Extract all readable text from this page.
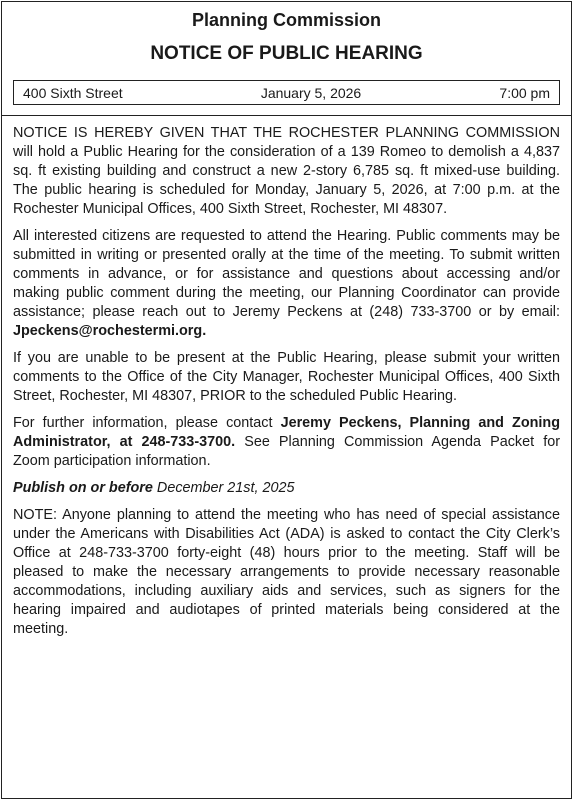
Planning Commission
NOTICE OF PUBLIC HEARING
400 Sixth Street	January 5, 2026	7:00 pm

NOTICE IS HEREBY GIVEN THAT THE ROCHESTER PLANNING COMMISSION will hold a Public Hearing for the consideration of a 139 Romeo to demolish a 4,837 sq. ft existing building and construct a new 2-story 6,785 sq. ft mixed-use building. The public hearing is scheduled for Monday, January 5, 2026, at 7:00 p.m. at the Rochester Municipal Offices, 400 Sixth Street, Rochester, MI 48307.

All interested citizens are requested to attend the Hearing. Public comments may be submitted in writing or presented orally at the time of the meeting. To submit written comments in advance, or for assistance and questions about accessing and/or making public comment during the meeting, our Planning Coordinator can provide assistance; please reach out to Jeremy Peckens at (248) 733-3700 or by email: Jpeckens@rochestermi.org.

If you are unable to be present at the Public Hearing, please submit your written comments to the Office of the City Manager, Rochester Municipal Offices, 400 Sixth Street, Rochester, MI 48307, PRIOR to the scheduled Public Hearing.

For further information, please contact Jeremy Peckens, Planning and Zoning Administrator, at 248-733-3700. See Planning Commission Agenda Packet for Zoom participation information.

Publish on or before December 21st, 2025

NOTE: Anyone planning to attend the meeting who has need of special assistance under the Americans with Disabilities Act (ADA) is asked to contact the City Clerk’s Office at 248-733-3700 forty-eight (48) hours prior to the meeting. Staff will be pleased to make the necessary arrangements to provide necessary reasonable accommodations, including auxiliary aids and services, such as signers for the hearing impaired and audiotapes of printed materials being considered at the meeting.
